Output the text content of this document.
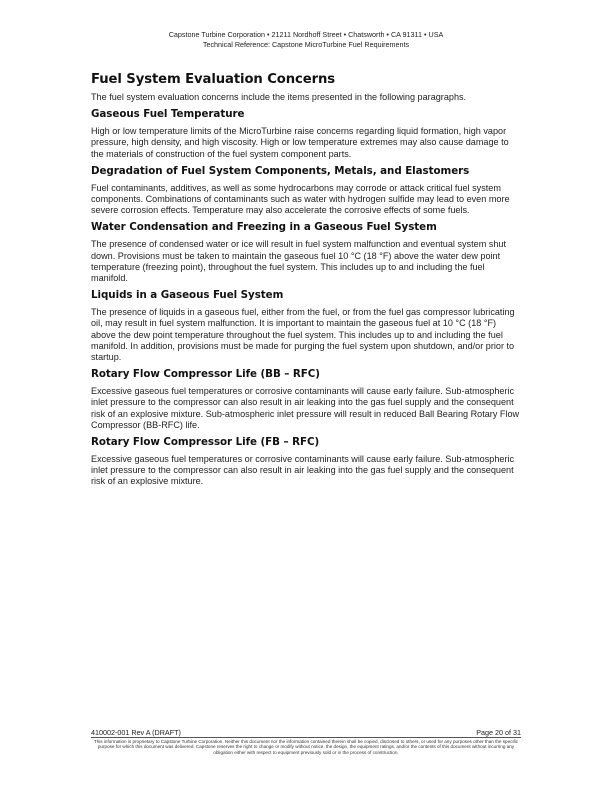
Capstone Turbine Corporation • 21211 Nordhoff Street • Chatsworth • CA 91311 • USA
Technical Reference: Capstone MicroTurbine Fuel Requirements
Fuel System Evaluation Concerns

The fuel system evaluation concerns include the items presented in the following paragraphs.

Gaseous Fuel Temperature

High or low temperature limits of the MicroTurbine raise concerns regarding liquid formation, high vapor pressure, high density, and high viscosity. High or low temperature extremes may also cause damage to the materials of construction of the fuel system component parts.

Degradation of Fuel System Components, Metals, and Elastomers

Fuel contaminants, additives, as well as some hydrocarbons may corrode or attack critical fuel system components. Combinations of contaminants such as water with hydrogen sulfide may lead to even more severe corrosion effects. Temperature may also accelerate the corrosive effects of some fuels.

Water Condensation and Freezing in a Gaseous Fuel System

The presence of condensed water or ice will result in fuel system malfunction and eventual system shut down. Provisions must be taken to maintain the gaseous fuel 10 °C (18 °F) above the water dew point temperature (freezing point), throughout the fuel system. This includes up to and including the fuel manifold.

Liquids in a Gaseous Fuel System

The presence of liquids in a gaseous fuel, either from the fuel, or from the fuel gas compressor lubricating oil, may result in fuel system malfunction. It is important to maintain the gaseous fuel at 10 °C (18 °F) above the dew point temperature throughout the fuel system. This includes up to and including the fuel manifold. In addition, provisions must be made for purging the fuel system upon shutdown, and/or prior to startup.

Rotary Flow Compressor Life (BB – RFC)

Excessive gaseous fuel temperatures or corrosive contaminants will cause early failure. Sub-atmospheric inlet pressure to the compressor can also result in air leaking into the gas fuel supply and the consequent risk of an explosive mixture. Sub-atmospheric inlet pressure will result in reduced Ball Bearing Rotary Flow Compressor (BB-RFC) life.

Rotary Flow Compressor Life (FB – RFC)

Excessive gaseous fuel temperatures or corrosive contaminants will cause early failure. Sub-atmospheric inlet pressure to the compressor can also result in air leaking into the gas fuel supply and the consequent risk of an explosive mixture.

410002-001 Rev A (DRAFT)	Page 20 of 31
This information is proprietary to Capstone Turbine Corporation. Neither this document nor the information contained therein shall be copied, disclosed to others, or used for any purposes other than the specific purpose for which this document was delivered. Capstone reserves the right to change or modify without notice, the design, the equipment ratings, and/or the contents of this document without incurring any obligation either with respect to equipment previously sold or in the process of construction.
